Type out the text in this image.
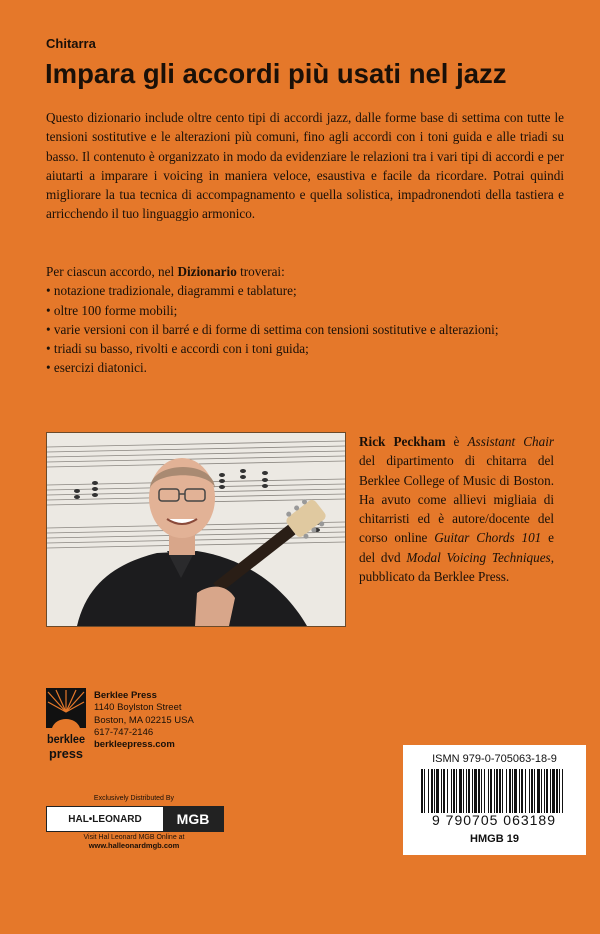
Chitarra
Impara gli accordi più usati nel jazz

Questo dizionario include oltre cento tipi di accordi jazz, dalle forme base di settima con tutte le tensioni sostitutive e le alterazioni più comuni, fino agli accordi con i toni guida e alle triadi su basso. Il contenuto è organizzato in modo da evidenziare le relazioni tra i vari tipi di accordi e per aiutarti a imparare i voicing in maniera veloce, esaustiva e facile da ricordare. Potrai quindi migliorare la tua tecnica di accompagnamento e quella solistica, impadronendoti della tastiera e arricchendo il tuo linguaggio armonico.

Per ciascun accordo, nel Dizionario troverai:
• notazione tradizionale, diagrammi e tablature;
• oltre 100 forme mobili;
• varie versioni con il barré e di forme di settima con tensioni sostitutive e alterazioni;
• triadi su basso, rivolti e accordi con i toni guida;
• esercizi diatonici.

Rick Peckham è Assistant Chair del dipartimento di chitarra del Berklee College of Music di Boston. Ha avuto come allievi migliaia di chitarristi ed è autore/docente del corso online Guitar Chords 101 e del dvd Modal Voicing Techniques, pubblicato da Berklee Press.

berklee
press
Berklee Press
1140 Boylston Street
Boston, MA 02215 USA
617-747-2146
berkleepress.com
Exclusively Distributed By
HAL•LEONARD	MGB
Visit Hal Leonard MGB Online at
www.halleonardmgb.com
ISMN 979-0-705063-18-9
9 790705 063189
HMGB 19
